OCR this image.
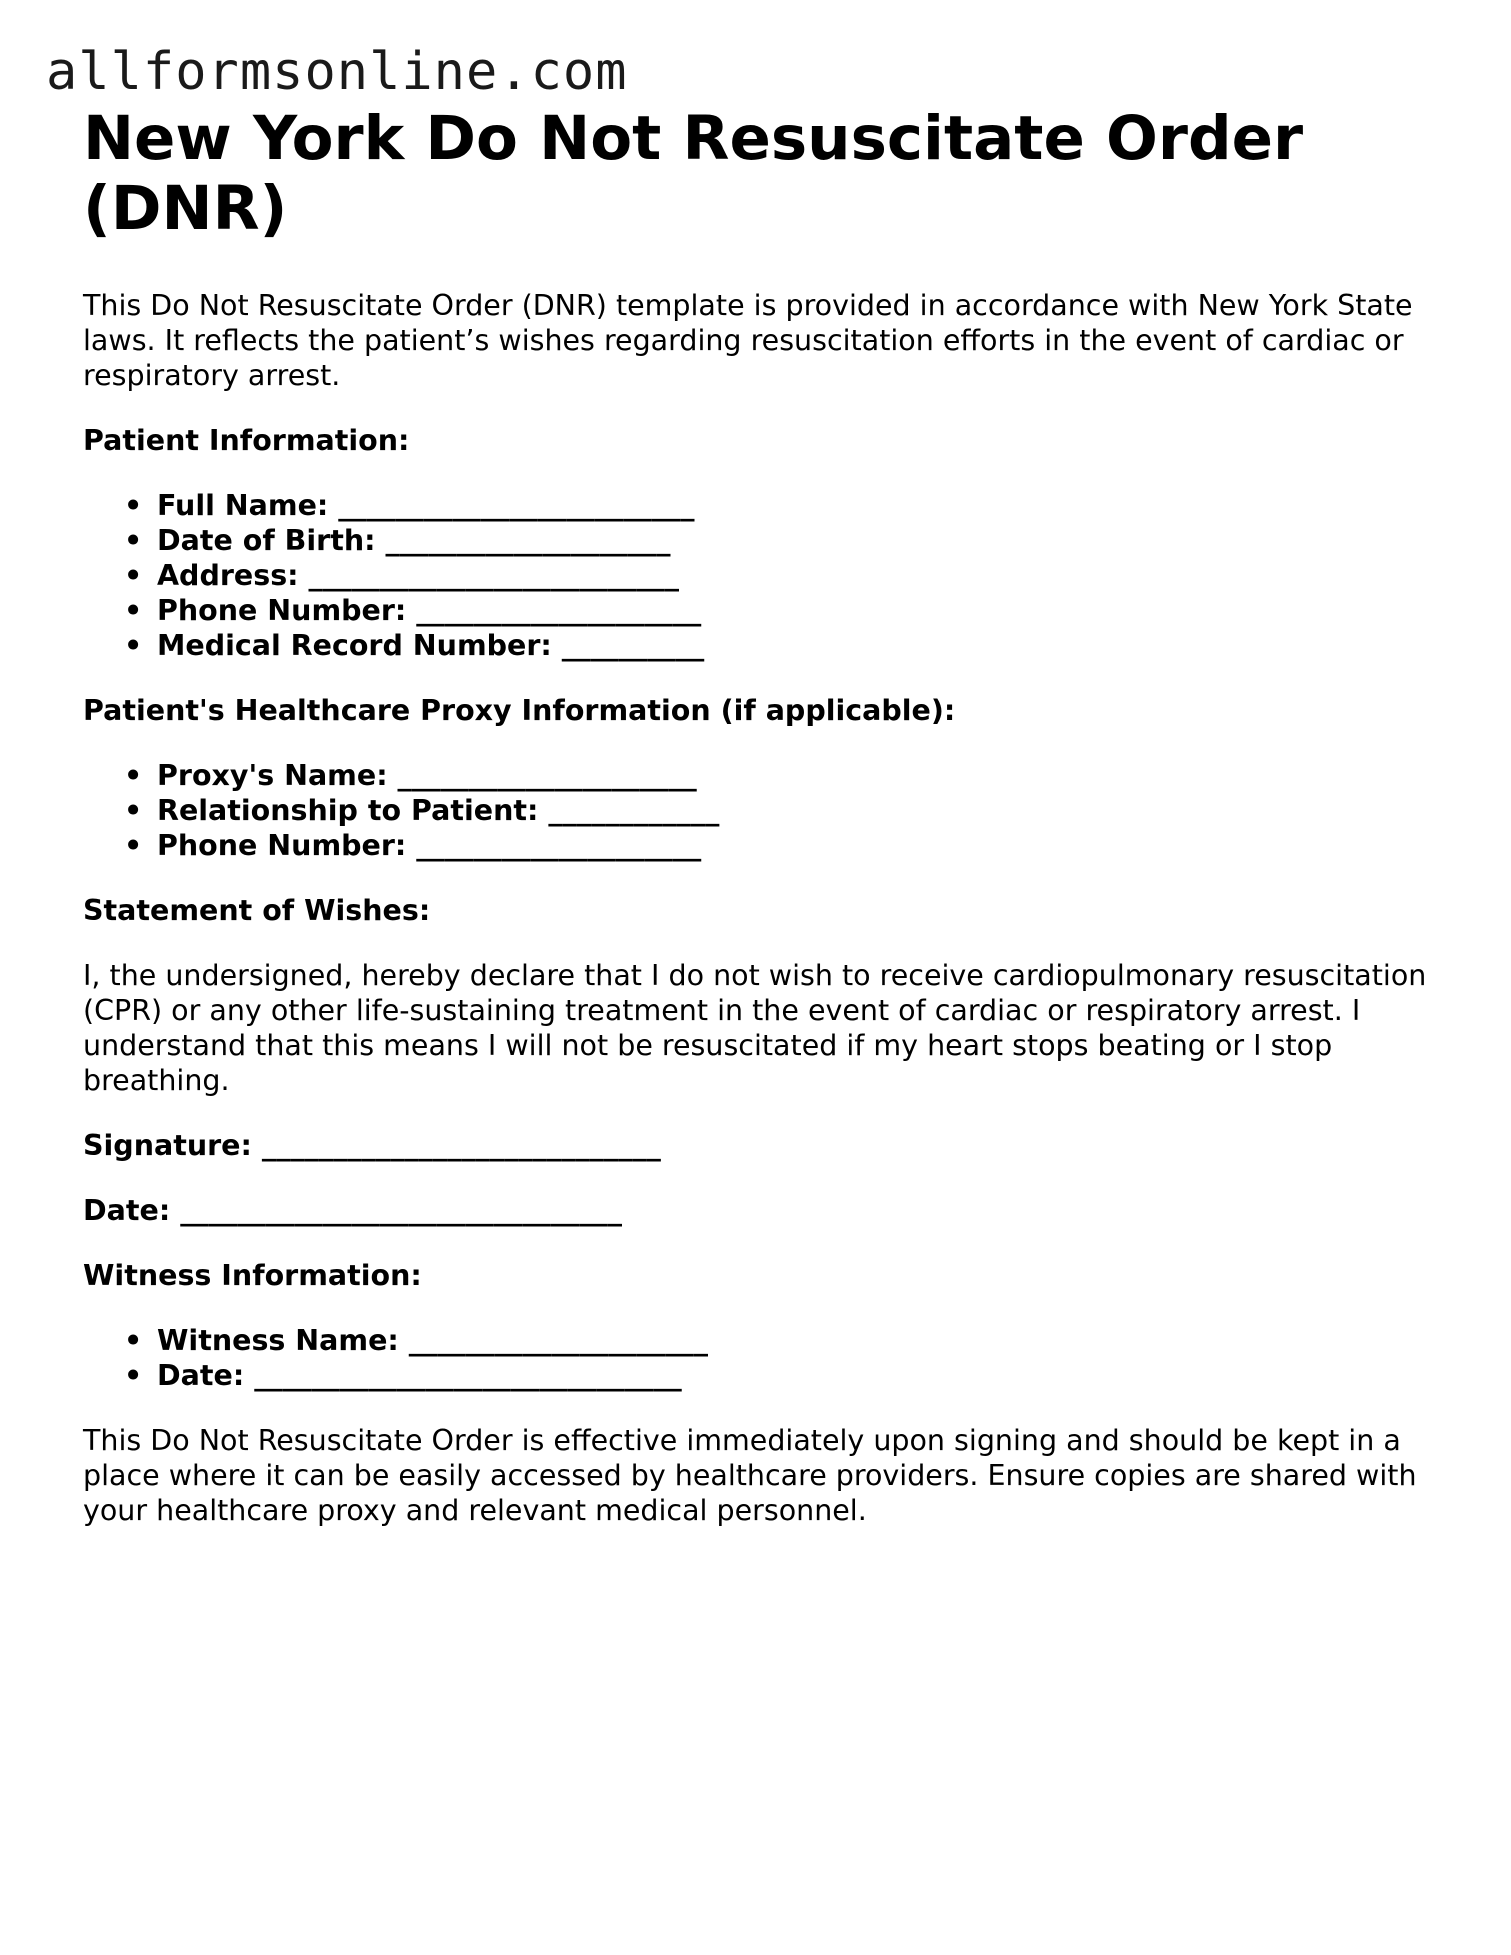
allformsonline.com
New York Do Not Resuscitate Order (DNR)

This Do Not Resuscitate Order (DNR) template is provided in accordance with New York State laws. It reflects the patient’s wishes regarding resuscitation efforts in the event of cardiac or respiratory arrest.

Patient Information:

• Full Name: _________________________
• Date of Birth: ____________________
• Address: __________________________
• Phone Number: ____________________
• Medical Record Number: __________

Patient's Healthcare Proxy Information (if applicable):

• Proxy's Name: _____________________
• Relationship to Patient: ____________
• Phone Number: ____________________

Statement of Wishes:

I, the undersigned, hereby declare that I do not wish to receive cardiopulmonary resuscitation (CPR) or any other life-sustaining treatment in the event of cardiac or respiratory arrest. I understand that this means I will not be resuscitated if my heart stops beating or I stop breathing.

Signature: ____________________________

Date: _______________________________

Witness Information:

• Witness Name: _____________________
• Date: ______________________________

This Do Not Resuscitate Order is effective immediately upon signing and should be kept in a place where it can be easily accessed by healthcare providers. Ensure copies are shared with your healthcare proxy and relevant medical personnel.
